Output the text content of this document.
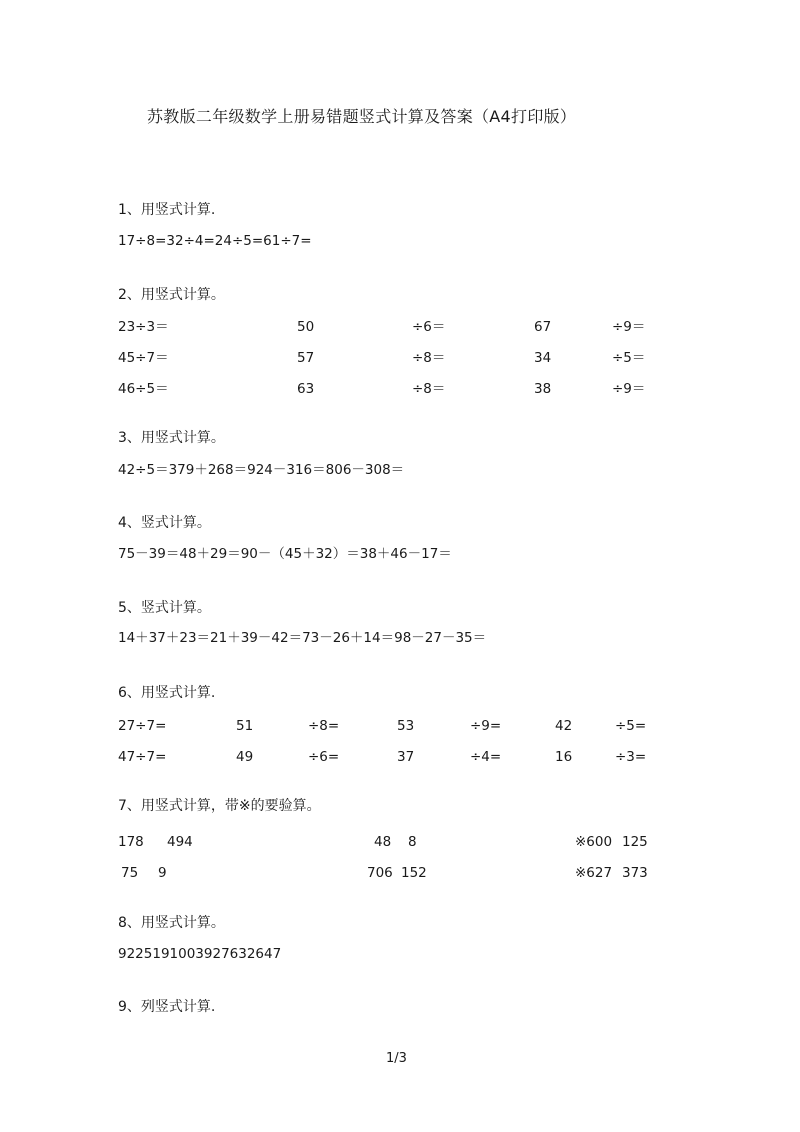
苏教版二年级数学上册易错题竖式计算及答案（A4打印版）
1、用竖式计算.
17÷8=32÷4=24÷5=61÷7=
2、用竖式计算。
23÷3＝	50	÷6＝	67	÷9＝
45÷7＝	57	÷8＝	34	÷5＝
46÷5＝	63	÷8＝	38	÷9＝
3、用竖式计算。
42÷5＝379＋268＝924－316＝806－308＝
4、竖式计算。
75－39＝48＋29＝90－（45＋32）＝38＋46－17＝
5、竖式计算。
14＋37＋23＝21＋39－42＝73－26＋14＝98－27－35＝
6、用竖式计算.
27÷7=	51	÷8=	53	÷9=	42	÷5=
47÷7=	49	÷6=	37	÷4=	16	÷3=
7、用竖式计算，带※的要验算。
178 494	48 8	※600 125
75 9	706 152	※627 373
8、用竖式计算。
9225191003927632647
9、列竖式计算.
1/3
